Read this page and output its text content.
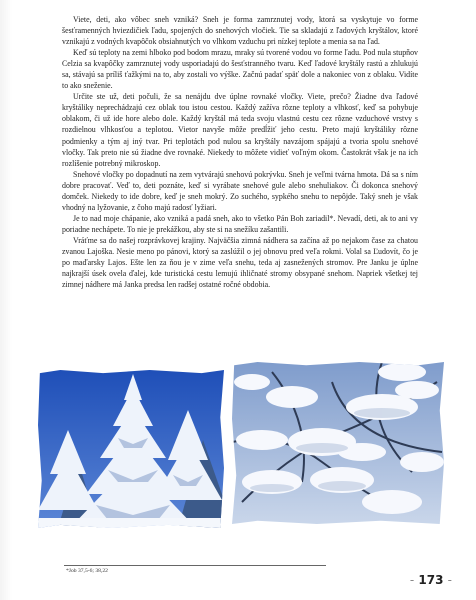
Viete, deti, ako vôbec sneh vzniká? Sneh je forma zamrznutej vody, ktorá sa vyskytuje vo forme šesťramenných hviezdičiek ľadu, spojených do snehových vločiek. Tie sa skladajú z ľadových kryštálov, ktoré vznikajú z vodných kvapôčok obsiahnutých vo vlhkom vzduchu pri nízkej teplote a menia sa na ľad.

Keď sú teploty na zemi hlboko pod bodom mrazu, mraky sú tvorené vodou vo forme ľadu. Pod nula stupňov Celzia sa kvapôčky zamrznutej vody usporiadajú do šesťstranného tvaru. Keď ľadové kryštály rastú a zhlukujú sa, stávajú sa príliš ťažkými na to, aby zostali vo výške. Začnú padať späť dole a nakoniec von z oblaku. Vidíte to ako sneženie.

Určite ste už, deti počuli, že sa nenájdu dve úplne rovnaké vločky. Viete, prečo? Žiadne dva ľadové kryštáliky neprechádzajú cez oblak tou istou cestou. Každý zažíva rôzne teploty a vlhkosť, keď sa pohybuje oblakom, či už ide hore alebo dole. Každý kryštál má teda svoju vlastnú cestu cez rôzne vzduchové vrstvy s rozdielnou vlhkosťou a teplotou. Vietor navyše môže predĺžiť jeho cestu. Preto majú kryštáliky rôzne podmienky a tým aj iný tvar. Pri teplotách pod nulou sa kryštály navzájom spájajú a tvoria spolu snehové vločky. Tak preto nie sú žiadne dve rovnaké. Niekedy to môžete vidieť voľným okom. Častokrát však je na ich rozlíšenie potrebný mikroskop.

Snehové vločky po dopadnutí na zem vytvárajú snehovú pokrývku. Sneh je veľmi tvárna hmota. Dá sa s ním dobre pracovať. Veď to, deti poznáte, keď si vyrábate snehové gule alebo snehuliakov. Či dokonca snehový domček. Niekedy to ide dobre, keď je sneh mokrý. Zo suchého, sypkého snehu to nepôjde. Taký sneh je však vhodný na lyžovanie, z čoho majú radosť lyžiari.

Je to nad moje chápanie, ako vzniká a padá sneh, ako to všetko Pán Boh zariadil*. Nevadí, deti, ak to ani vy poriadne nechápete. To nie je prekážkou, aby ste si na snežíku zašantili.

Vráťme sa do našej rozprávkovej krajiny. Najväčšia zimná nádhera sa začína až po nejakom čase za chatou zvanou Lajoška. Nesie meno po pánovi, ktorý sa zaslúžil o jej obnovu pred veľa rokmi. Volal sa Ľudovít, čo je po maďarsky Lajos. Ešte len za ňou je v zime veľa snehu, teda aj zasnežených stromov. Pre Janku je úplne najkrajší úsek ovela ďalej, kde turistická cestu lemujú ihličnaté stromy obsypané snehom. Napriek všetkej tej zimnej nádhere má Janka predsa len radšej ostatné ročné obdobia.

*Job 37,5-6; 38,22
- 173 -
